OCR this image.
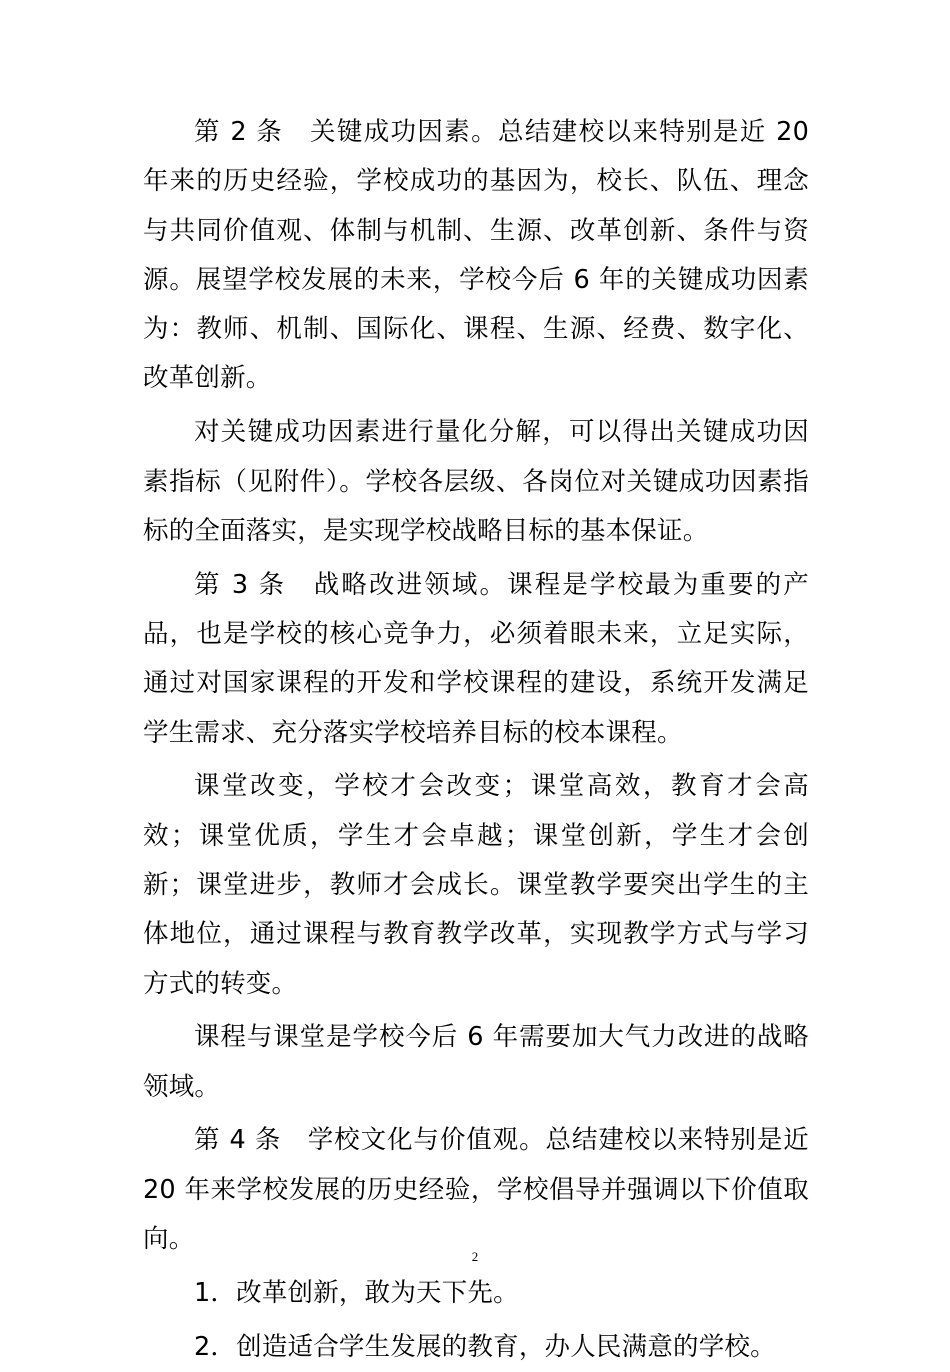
第 2 条　关键成功因素。总结建校以来特别是近 20 年来的历史经验，学校成功的基因为，校长、队伍、理念与共同价值观、体制与机制、生源、改革创新、条件与资源。展望学校发展的未来，学校今后 6 年的关键成功因素为：教师、机制、国际化、课程、生源、经费、数字化、改革创新。

对关键成功因素进行量化分解，可以得出关键成功因素指标（见附件）。学校各层级、各岗位对关键成功因素指标的全面落实，是实现学校战略目标的基本保证。

第 3 条　战略改进领域。课程是学校最为重要的产品，也是学校的核心竞争力，必须着眼未来，立足实际，通过对国家课程的开发和学校课程的建设，系统开发满足学生需求、充分落实学校培养目标的校本课程。

课堂改变，学校才会改变；课堂高效，教育才会高效；课堂优质，学生才会卓越；课堂创新，学生才会创新；课堂进步，教师才会成长。课堂教学要突出学生的主体地位，通过课程与教育教学改革，实现教学方式与学习方式的转变。

课程与课堂是学校今后 6 年需要加大气力改进的战略领域。

第 4 条　学校文化与价值观。总结建校以来特别是近 20 年来学校发展的历史经验，学校倡导并强调以下价值取向。

1．改革创新，敢为天下先。

2．创造适合学生发展的教育，办人民满意的学校。

2
